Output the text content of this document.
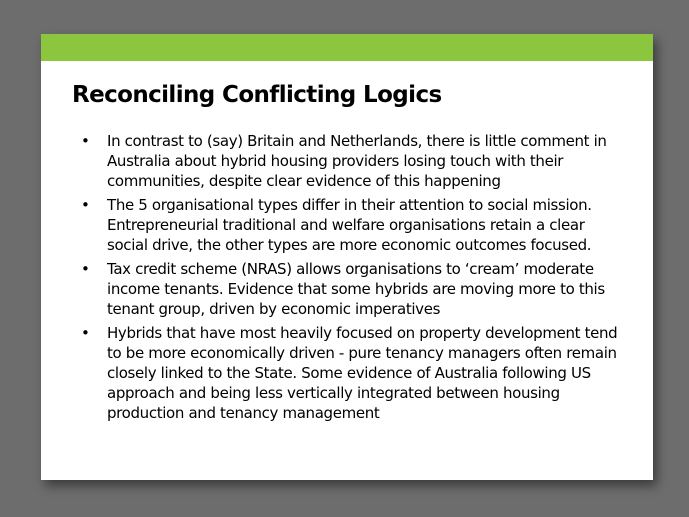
Reconciling Conflicting Logics
•	In contrast to (say) Britain and Netherlands, there is little comment in Australia about hybrid housing providers losing touch with their communities, despite clear evidence of this happening
•	The 5 organisational types differ in their attention to social mission. Entrepreneurial traditional and welfare organisations retain a clear social drive, the other types are more economic outcomes focused.
•	Tax credit scheme (NRAS) allows organisations to ‘cream’ moderate income tenants. Evidence that some hybrids are moving more to this tenant group, driven by economic imperatives
•	Hybrids that have most heavily focused on property development tend to be more economically driven - pure tenancy managers often remain closely linked to the State. Some evidence of Australia following US approach and being less vertically integrated between housing production and tenancy management
